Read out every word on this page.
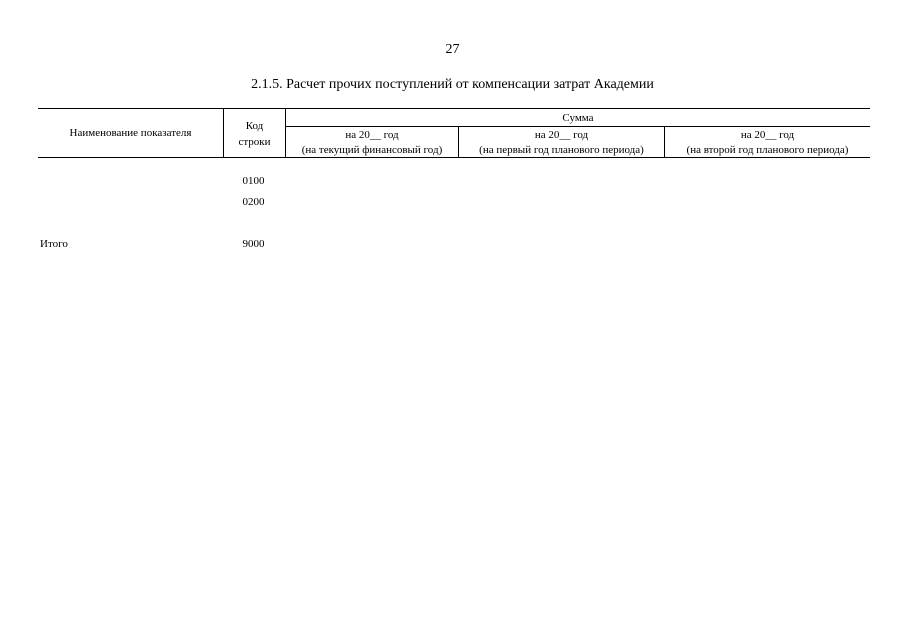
27
2.1.5. Расчет прочих поступлений от компенсации затрат Академии
Наименование показателя
Код
строки
Сумма
на 20__ год
(на текущий финансовый год)
на 20__ год
(на первый год планового периода)
на 20__ год
(на второй год планового периода)
0100
0200
Итого	9000
